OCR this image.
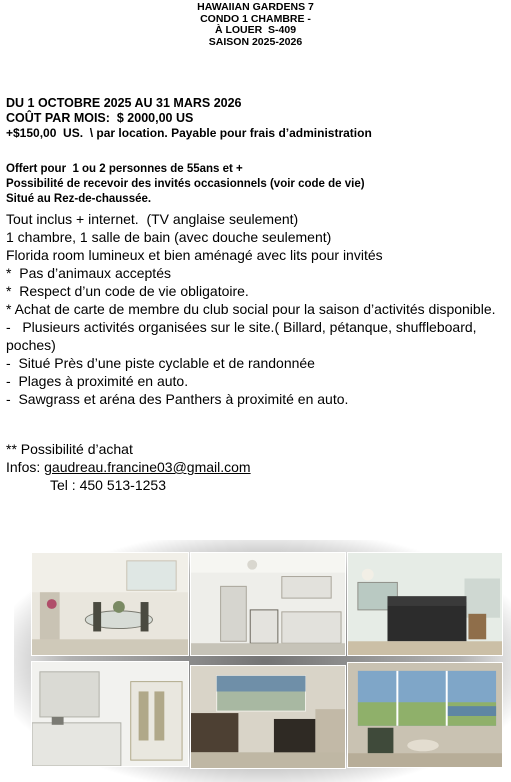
HAWAIIAN GARDENS 7
CONDO 1 CHAMBRE -
À LOUER  S-409
SAISON 2025-2026
DU 1 OCTOBRE 2025 AU 31 MARS 2026
COÛT PAR MOIS:  $ 2000,00 US
+$150,00  US.  \ par location. Payable pour frais d’administration
Offert pour  1 ou 2 personnes de 55ans et +
Possibilité de recevoir des invités occasionnels (voir code de vie)
Situé au Rez-de-chaussée.
Tout inclus + internet.  (TV anglaise seulement)
1 chambre, 1 salle de bain (avec douche seulement)
Florida room lumineux et bien aménagé avec lits pour invités
*  Pas d’animaux acceptés
*  Respect d’un code de vie obligatoire.
* Achat de carte de membre du club social pour la saison d’activités disponible.
-   Plusieurs activités organisées sur le site.( Billard, pétanque, shuffleboard, poches)
-  Situé Près d’une piste cyclable et de randonnée
-  Plages à proximité en auto.
-  Sawgrass et aréna des Panthers à proximité en auto.
** Possibilité d’achat
Infos: gaudreau.francine03@gmail.com
Tel : 450 513-1253
